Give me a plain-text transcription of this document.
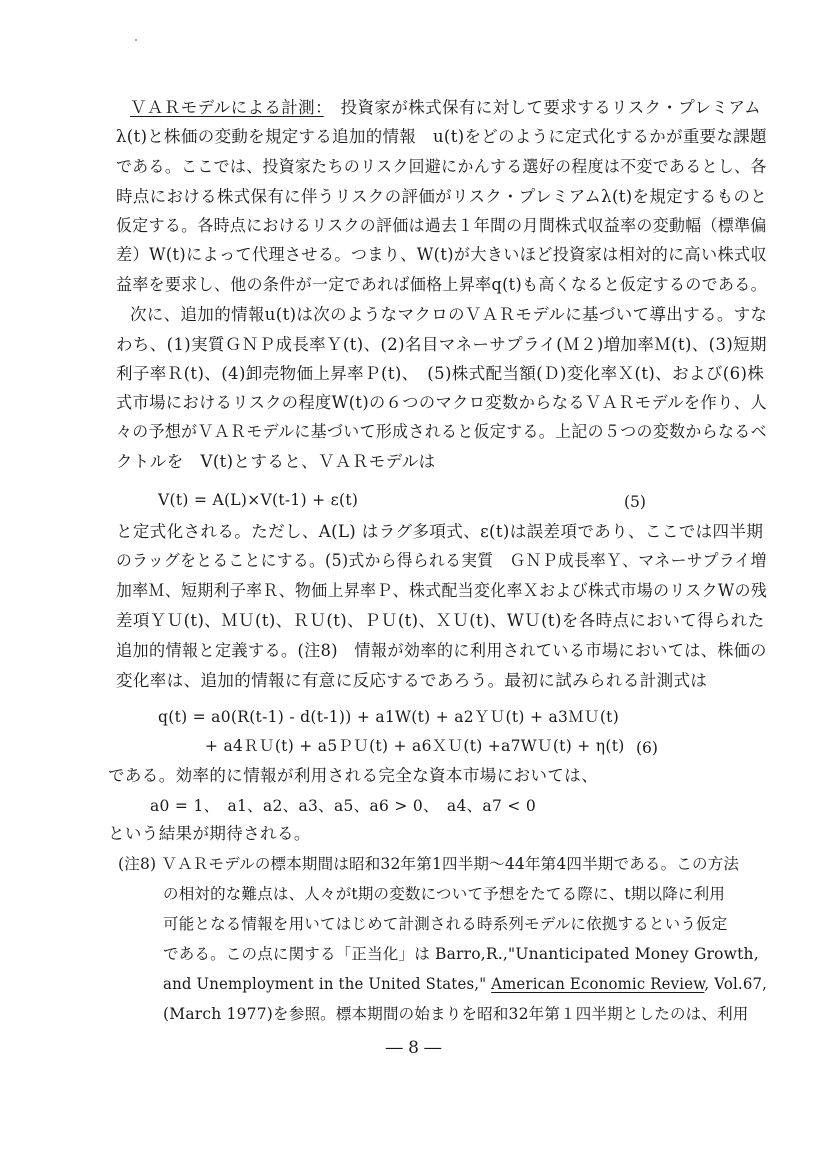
ＶＡＲモデルによる計測：　投資家が株式保有に対して要求するリスク・プレミアム
λ(t)と株価の変動を規定する追加的情報　u(t)をどのように定式化するかが重要な課題
である。ここでは、投資家たちのリスク回避にかんする選好の程度は不変であるとし、各
時点における株式保有に伴うリスクの評価がリスク・プレミアムλ(t)を規定するものと
仮定する。各時点におけるリスクの評価は過去１年間の月間株式収益率の変動幅（標準偏
差）W(t)によって代理させる。つまり、W(t)が大きいほど投資家は相対的に高い株式収
益率を要求し、他の条件が一定であれば価格上昇率q(t)も高くなると仮定するのである。
次に、追加的情報u(t)は次のようなマクロのＶＡＲモデルに基づいて導出する。すな
わち、(1)実質ＧＮＰ成長率Ｙ(t)、(2)名目マネーサプライ(Ｍ２)増加率Ｍ(t)、(3)短期
利子率Ｒ(t)、(4)卸売物価上昇率Ｐ(t)、　(5)株式配当額(Ｄ)変化率Ｘ(t)、および(6)株
式市場におけるリスクの程度W(t)の６つのマクロ変数からなるＶＡＲモデルを作り、人
々の予想がＶＡＲモデルに基づいて形成されると仮定する。上記の５つの変数からなるベ
クトルを　V(t)とすると、ＶＡＲモデルは
V(t) = A(L)×V(t-1) + ε(t)	(5)
と定式化される。ただし、A(L) はラグ多項式、ε(t)は誤差項であり、ここでは四半期
のラッグをとることにする。(5)式から得られる実質　ＧＮＰ成長率Ｙ、マネーサプライ増
加率Ｍ、短期利子率Ｒ、物価上昇率Ｐ、株式配当変化率Ｘおよび株式市場のリスクWの残
差項ＹＵ(t)、ＭＵ(t)、ＲＵ(t)、ＰＵ(t)、ＸＵ(t)、WＵ(t)を各時点において得られた
追加的情報と定義する。(注8)　情報が効率的に利用されている市場においては、株価の
変化率は、追加的情報に有意に反応するであろう。最初に試みられる計測式は
q(t) = a0(R(t-1) - d(t-1)) + a1W(t) + a2ＹＵ(t) + a3ＭＵ(t)
+ a4ＲＵ(t) + a5ＰＵ(t) + a6ＸＵ(t) +a7WＵ(t) + η(t) (6)
である。効率的に情報が利用される完全な資本市場においては、
a0 = 1、　a1、a2、a3、a5、a6 > 0、　a4、a7 < 0
という結果が期待される。
(注8) ＶＡＲモデルの標本期間は昭和32年第1四半期～44年第4四半期である。この方法
の相対的な難点は、人々がt期の変数について予想をたてる際に、t期以降に利用
可能となる情報を用いてはじめて計測される時系列モデルに依拠するという仮定
である。この点に関する「正当化」は Barro,R.,"Unanticipated Money Growth,
and Unemployment in the United States," American Economic Review, Vol.67,
(March 1977)を参照。標本期間の始まりを昭和32年第１四半期としたのは、利用
― 8 ―
